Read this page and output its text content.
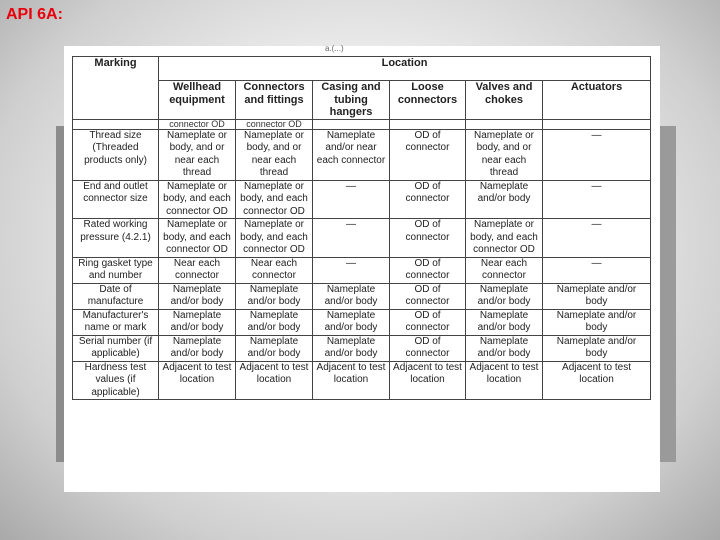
API 6A:
a.(...)
Marking	Location					
	Wellhead equipment	Connectors and fittings	Casing and tubing hangers	Loose connectors	Valves and chokes	Actuators
	connector OD	connector OD				
Thread size (Threaded products only)	Nameplate or body, and or near each thread	Nameplate or body, and or near each thread	Nameplate and/or near each connector	OD of connector	Nameplate or body, and or near each thread	—
End and outlet connector size	Nameplate or body, and each connector OD	Nameplate or body, and each connector OD	—	OD of connector	Nameplate and/or body	—
Rated working pressure (4.2.1)	Nameplate or body, and each connector OD	Nameplate or body, and each connector OD	—	OD of connector	Nameplate or body, and each connector OD	—
Ring gasket type and number	Near each connector	Near each connector	—	OD of connector	Near each connector	—
Date of manufacture	Nameplate and/or body	Nameplate and/or body	Nameplate and/or body	OD of connector	Nameplate and/or body	Nameplate and/or body
Manufacturer's name or mark	Nameplate and/or body	Nameplate and/or body	Nameplate and/or body	OD of connector	Nameplate and/or body	Nameplate and/or body
Serial number (if applicable)	Nameplate and/or body	Nameplate and/or body	Nameplate and/or body	OD of connector	Nameplate and/or body	Nameplate and/or body
Hardness test values (if applicable)	Adjacent to test location	Adjacent to test location	Adjacent to test location	Adjacent to test location	Adjacent to test location	Adjacent to test location
